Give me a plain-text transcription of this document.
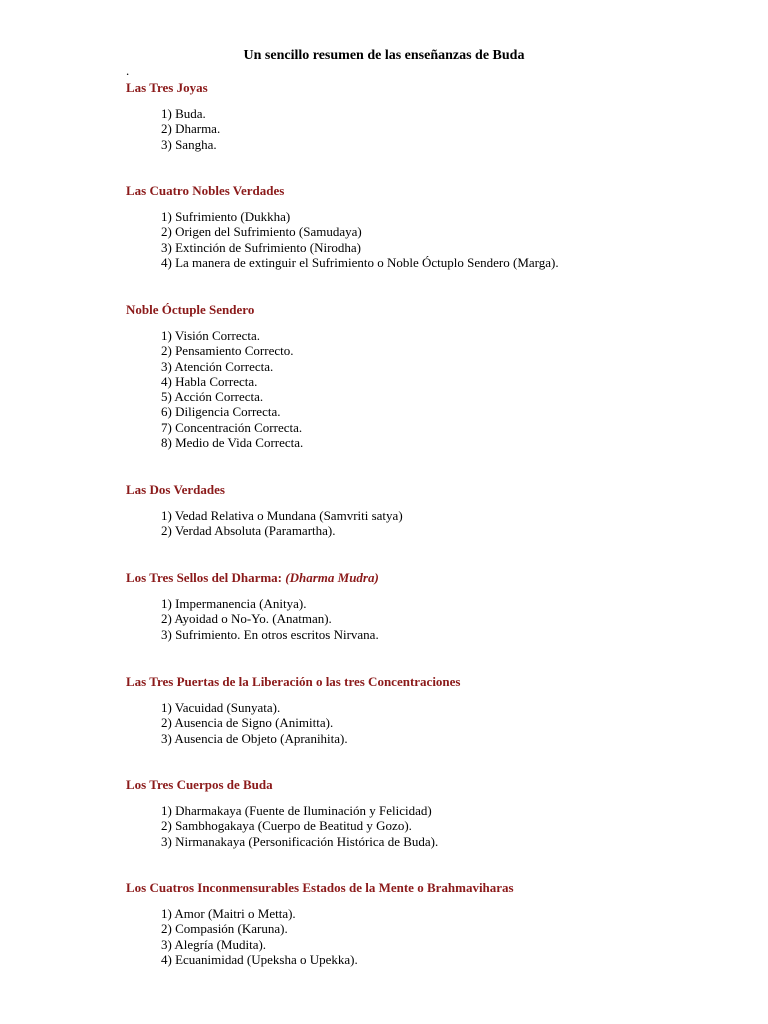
Un sencillo resumen de las enseñanzas de Buda
.
Las Tres Joyas
1) Buda.
2) Dharma.
3) Sangha.
Las Cuatro Nobles Verdades
1) Sufrimiento (Dukkha)
2) Origen del Sufrimiento (Samudaya)
3) Extinción de Sufrimiento (Nirodha)
4) La manera de extinguir el Sufrimiento o Noble Óctuplo Sendero (Marga).
Noble Óctuple Sendero
1) Visión Correcta.
2) Pensamiento Correcto.
3) Atención Correcta.
4) Habla Correcta.
5) Acción Correcta.
6) Diligencia Correcta.
7) Concentración Correcta.
8) Medio de Vida Correcta.
Las Dos Verdades
1) Vedad Relativa o Mundana (Samvriti satya)
2) Verdad Absoluta (Paramartha).
Los Tres Sellos del Dharma: (Dharma Mudra)
1) Impermanencia (Anitya).
2) Ayoidad o No-Yo. (Anatman).
3) Sufrimiento. En otros escritos Nirvana.
Las Tres Puertas de la Liberación o las tres Concentraciones
1) Vacuidad (Sunyata).
2) Ausencia de Signo (Animitta).
3) Ausencia de Objeto (Apranihita).
Los Tres Cuerpos de Buda
1) Dharmakaya (Fuente de Iluminación y Felicidad)
2) Sambhogakaya (Cuerpo de Beatitud y Gozo).
3) Nirmanakaya (Personificación Histórica de Buda).
Los Cuatros Inconmensurables Estados de la Mente o Brahmaviharas
1) Amor (Maitri o Metta).
2) Compasión (Karuna).
3) Alegría (Mudita).
4) Ecuanimidad (Upeksha o Upekka).
